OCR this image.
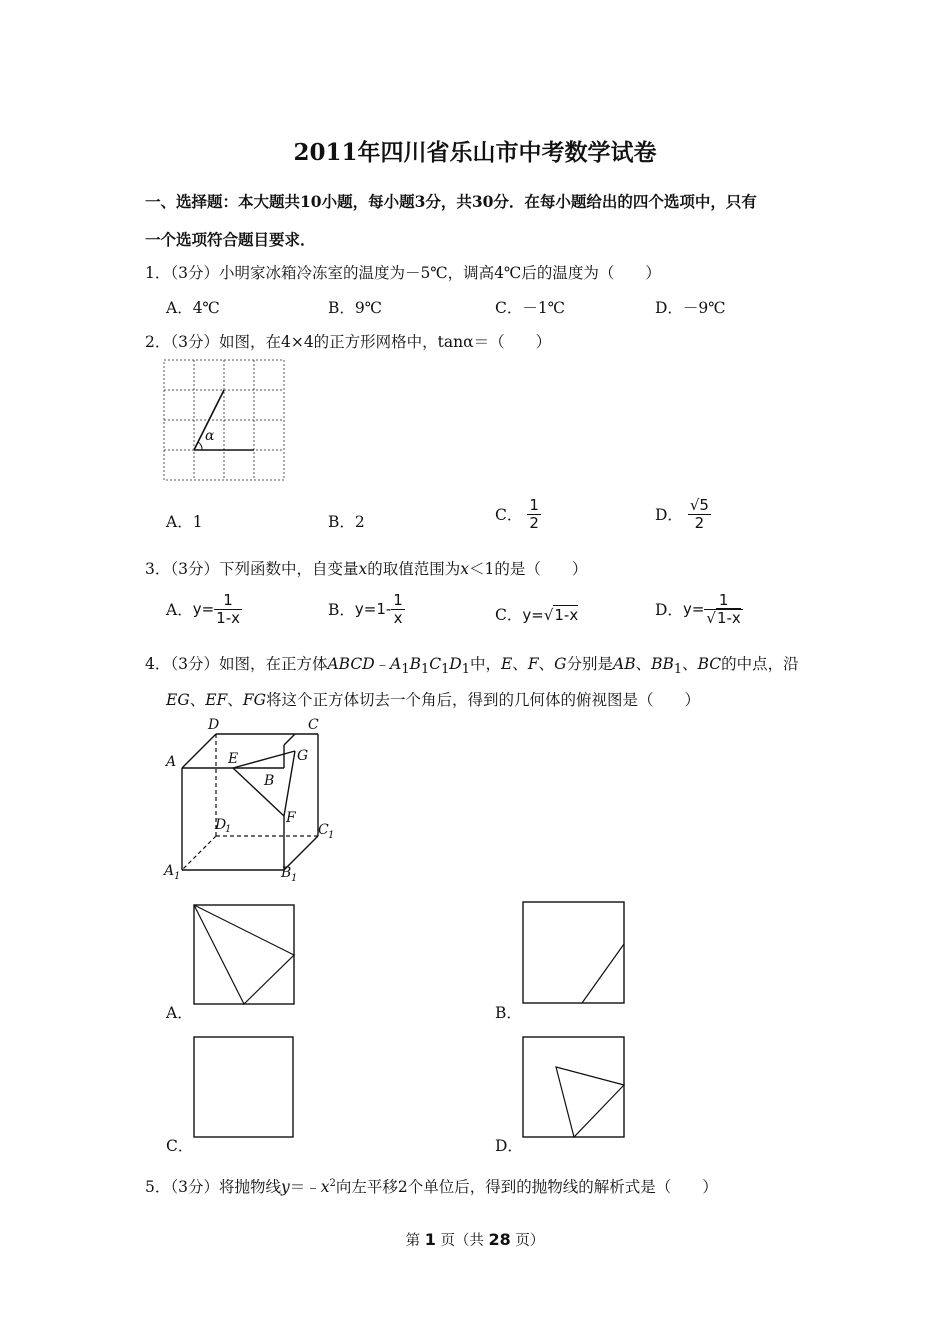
2011年四川省乐山市中考数学试卷
一、选择题：本大题共10小题，每小题3分，共30分．在每小题给出的四个选项中，只有
一个选项符合题目要求．
1．（3分）小明家冰箱冷冻室的温度为－5℃，调高4℃后的温度为（　　）
A．4℃	B．9℃	C．－1℃	D．－9℃
2．（3分）如图，在4×4的正方形网格中，tanα＝（　　）
α
A．1	B．2	C． $\frac{1}{2}$	D． $\frac{√5}{2}$
3．（3分）下列函数中，自变量x的取值范围为x＜1的是（　　）
A．$y= \frac{1}{1-x}$	B．$y=1- \frac{1}{x}$	C．y=√1-x	D．$y= \frac{1}{√1-x}$
4．（3分）如图，在正方体$ABCD﹣A_1B_1C_1D_1$中，E、F、G分别是AB、$BB_1$、BC的中点，沿
EG、EF、FG将这个正方体切去一个角后，得到的几何体的俯视图是（　　）
A
D	C
E	G
B
F
D
1	C 1
A 1	B 1
A．	B．
C．	D．
5．（3分）将抛物线$y=﹣x^2$向左平移2个单位后，得到的抛物线的解析式是（　　）
第 1 页（共 28 页）
